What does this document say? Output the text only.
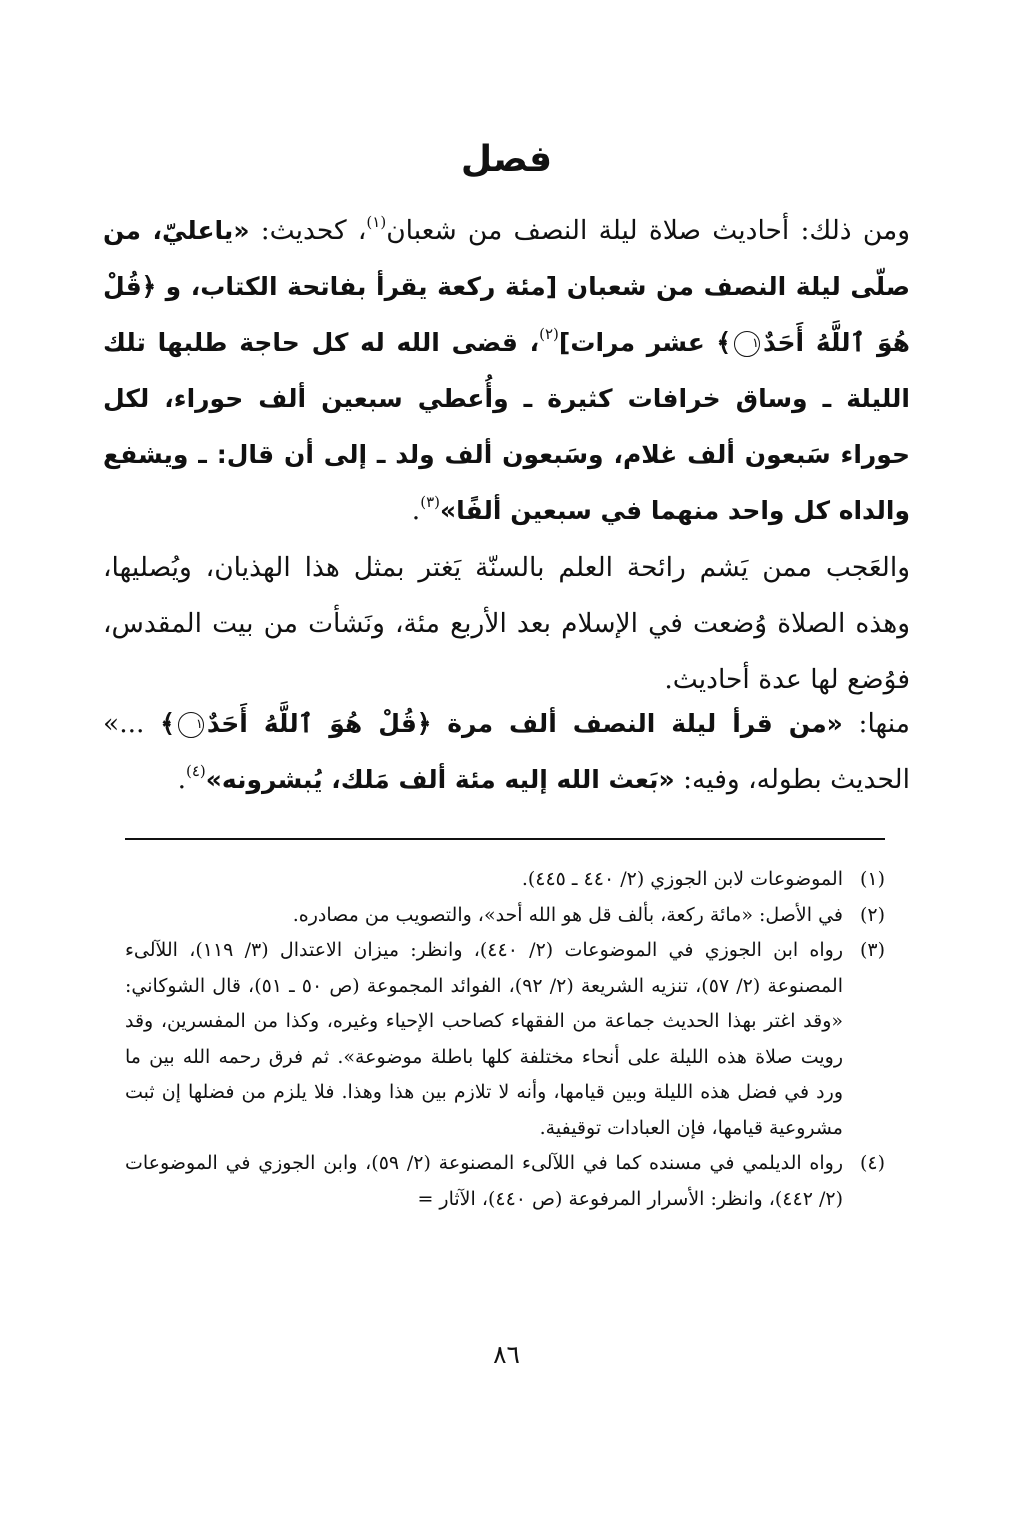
فصل
ومن ذلك: أحاديث صلاة ليلة النصف من شعبان$^{(١)}$، كحديث: «ياعليّ، من صلّى ليلة النصف من شعبان [مئة ركعة يقرأ بفاتحة الكتاب، و ﴿قُلْ هُوَ ٱللَّهُ أَحَدٌ١﴾ عشر مرات]$^{(٢)}$، قضى الله له كل حاجة طلبها تلك الليلة ـ وساق خرافات كثيرة ـ وأُعطي سبعين ألف حوراء، لكل حوراء سَبعون ألف غلام، وسَبعون ألف ولد ـ إلى أن قال: ـ ويشفع والداه كل واحد منهما في سبعين ألفًا»$^{(٣)}$.
والعَجب ممن يَشم رائحة العلم بالسنّة يَغتر بمثل هذا الهذيان، ويُصليها، وهذه الصلاة وُضعت في الإسلام بعد الأربع مئة، ونَشأت من بيت المقدس، فوُضع لها عدة أحاديث.
منها: «من قرأ ليلة النصف ألف مرة ﴿قُلْ هُوَ ٱللَّهُ أَحَدٌ١﴾ ...» الحديث بطوله، وفيه: «بَعث الله إليه مئة ألف مَلك، يُبشرونه»$^{(٤)}$.
(١)
الموضوعات لابن الجوزي (٢/ ٤٤٠ ـ ٤٤٥).
(٢)
في الأصل: «مائة ركعة، بألف قل هو الله أحد»، والتصويب من مصادره.
(٣)
رواه ابن الجوزي في الموضوعات (٢/ ٤٤٠)، وانظر: ميزان الاعتدال (٣/ ١١٩)، اللآلىء المصنوعة (٢/ ٥٧)، تنزيه الشريعة (٢/ ٩٢)، الفوائد المجموعة (ص ٥٠ ـ ٥١)، قال الشوكاني: «وقد اغتر بهذا الحديث جماعة من الفقهاء كصاحب الإحياء وغيره، وكذا من المفسرين، وقد رويت صلاة هذه الليلة على أنحاء مختلفة كلها باطلة موضوعة». ثم فرق رحمه الله بين ما ورد في فضل هذه الليلة وبين قيامها، وأنه لا تلازم بين هذا وهذا. فلا يلزم من فضلها إن ثبت مشروعية قيامها، فإن العبادات توقيفية.
(٤)
رواه الديلمي في مسنده كما في اللآلىء المصنوعة (٢/ ٥٩)، وابن الجوزي في الموضوعات (٢/ ٤٤٢)، وانظر: الأسرار المرفوعة (ص ٤٤٠)، الآثار =
٨٦
